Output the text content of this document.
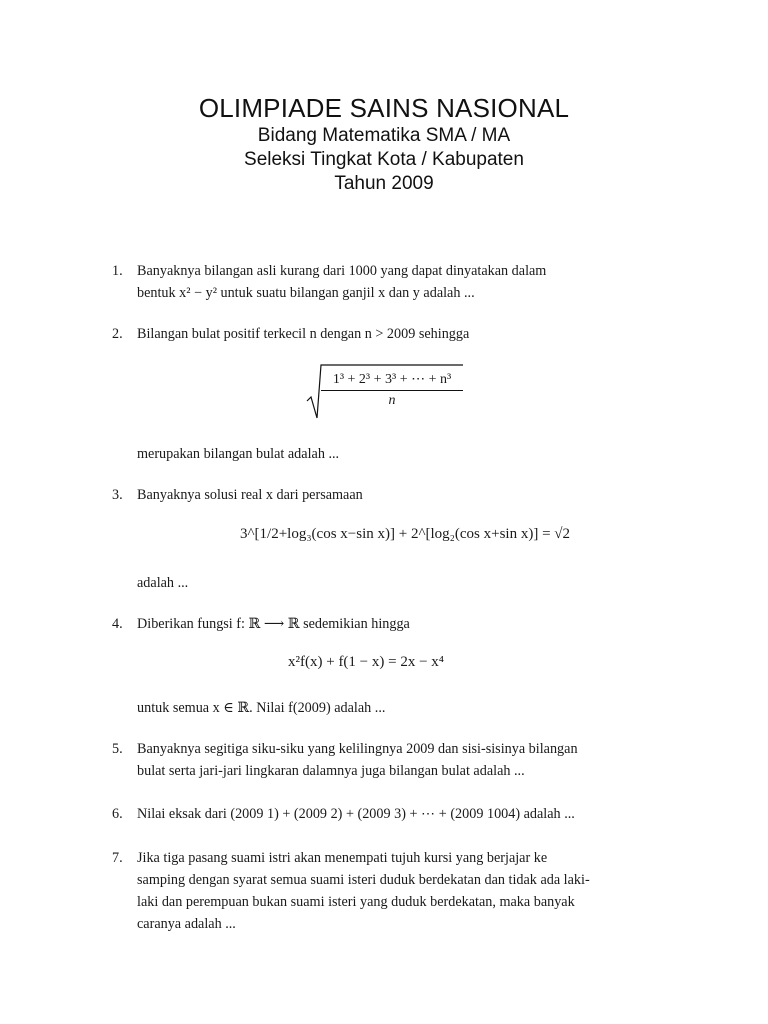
OLIMPIADE SAINS NASIONAL
Bidang Matematika SMA / MA
Seleksi Tingkat Kota / Kabupaten
Tahun 2009
1.	Banyaknya bilangan asli kurang dari 1000 yang dapat dinyatakan dalam
bentuk x² − y² untuk suatu bilangan ganjil x dan y adalah ...
2.	Bilangan bulat positif terkecil n dengan n > 2009 sehingga
$\frac{\text{1³ + 2³ + 3³ + ⋯ + n³}}{n}$
merupakan bilangan bulat adalah ...
3.	Banyaknya solusi real x dari persamaan
3^[1/2+log₃(cos x−sin x)] + 2^[log₂(cos x+sin x)] = √2
adalah ...
4.	Diberikan fungsi f: ℝ ⟶ ℝ sedemikian hingga
x²f(x) + f(1 − x) = 2x − x⁴
untuk semua x ∈ ℝ. Nilai f(2009) adalah ...
5.	Banyaknya segitiga siku-siku yang kelilingnya 2009 dan sisi-sisinya bilangan
bulat serta jari-jari lingkaran dalamnya juga bilangan bulat adalah ...
6.	Nilai eksak dari (2009 1) + (2009 2) + (2009 3) + ⋯ + (2009 1004) adalah ...
7.	Jika tiga pasang suami istri akan menempati tujuh kursi yang berjajar ke
samping dengan syarat semua suami isteri duduk berdekatan dan tidak ada laki-
laki dan perempuan bukan suami isteri yang duduk berdekatan, maka banyak
caranya adalah ...
